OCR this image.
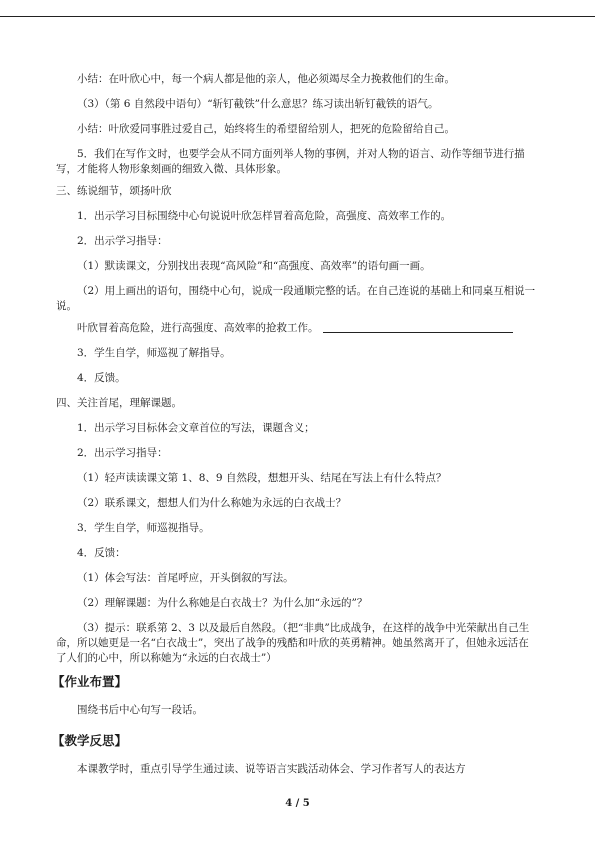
小结：在叶欣心中，每一个病人都是他的亲人，他必须竭尽全力挽救他们的生命。

（3）（第 6 自然段中语句）“斩钉截铁”什么意思？练习读出斩钉截铁的语气。

小结：叶欣爱同事胜过爱自己，始终将生的希望留给别人，把死的危险留给自己。

5．我们在写作文时，也要学会从不同方面列举人物的事例，并对人物的语言、动作等细节进行描写，才能将人物形象刻画的细致入微、具体形象。

三、练说细节，颂扬叶欣

1．出示学习目标围绕中心句说说叶欣怎样冒着高危险，高强度、高效率工作的。

2．出示学习指导：

（1）默读课文，分别找出表现“高风险”和“高强度、高效率”的语句画一画。

（2）用上画出的语句，围绕中心句，说成一段通顺完整的话。在自己连说的基础上和同桌互相说一说。

叶欣冒着高危险，进行高强度、高效率的抢救工作。

3．学生自学，师巡视了解指导。

4．反馈。

四、关注首尾，理解课题。

1．出示学习目标体会文章首位的写法，课题含义；

2．出示学习指导：

（1）轻声读读课文第 1、8、9 自然段，想想开头、结尾在写法上有什么特点？

（2）联系课文，想想人们为什么称她为永远的白衣战士？

3．学生自学，师巡视指导。

4．反馈：

（1）体会写法：首尾呼应，开头倒叙的写法。

（2）理解课题：为什么称她是白衣战士？为什么加“永远的”？

（3）提示：联系第 2、3 以及最后自然段。（把“非典”比成战争，在这样的战争中光荣献出自己生命，所以她更是一名“白衣战士”，突出了战争的残酷和叶欣的英勇精神。她虽然离开了，但她永远活在了人们的心中，所以称她为“永远的白衣战士”）

【作业布置】

围绕书后中心句写一段话。

【教学反思】

本课教学时，重点引导学生通过读、说等语言实践活动体会、学习作者写人的表达方

4 / 5
